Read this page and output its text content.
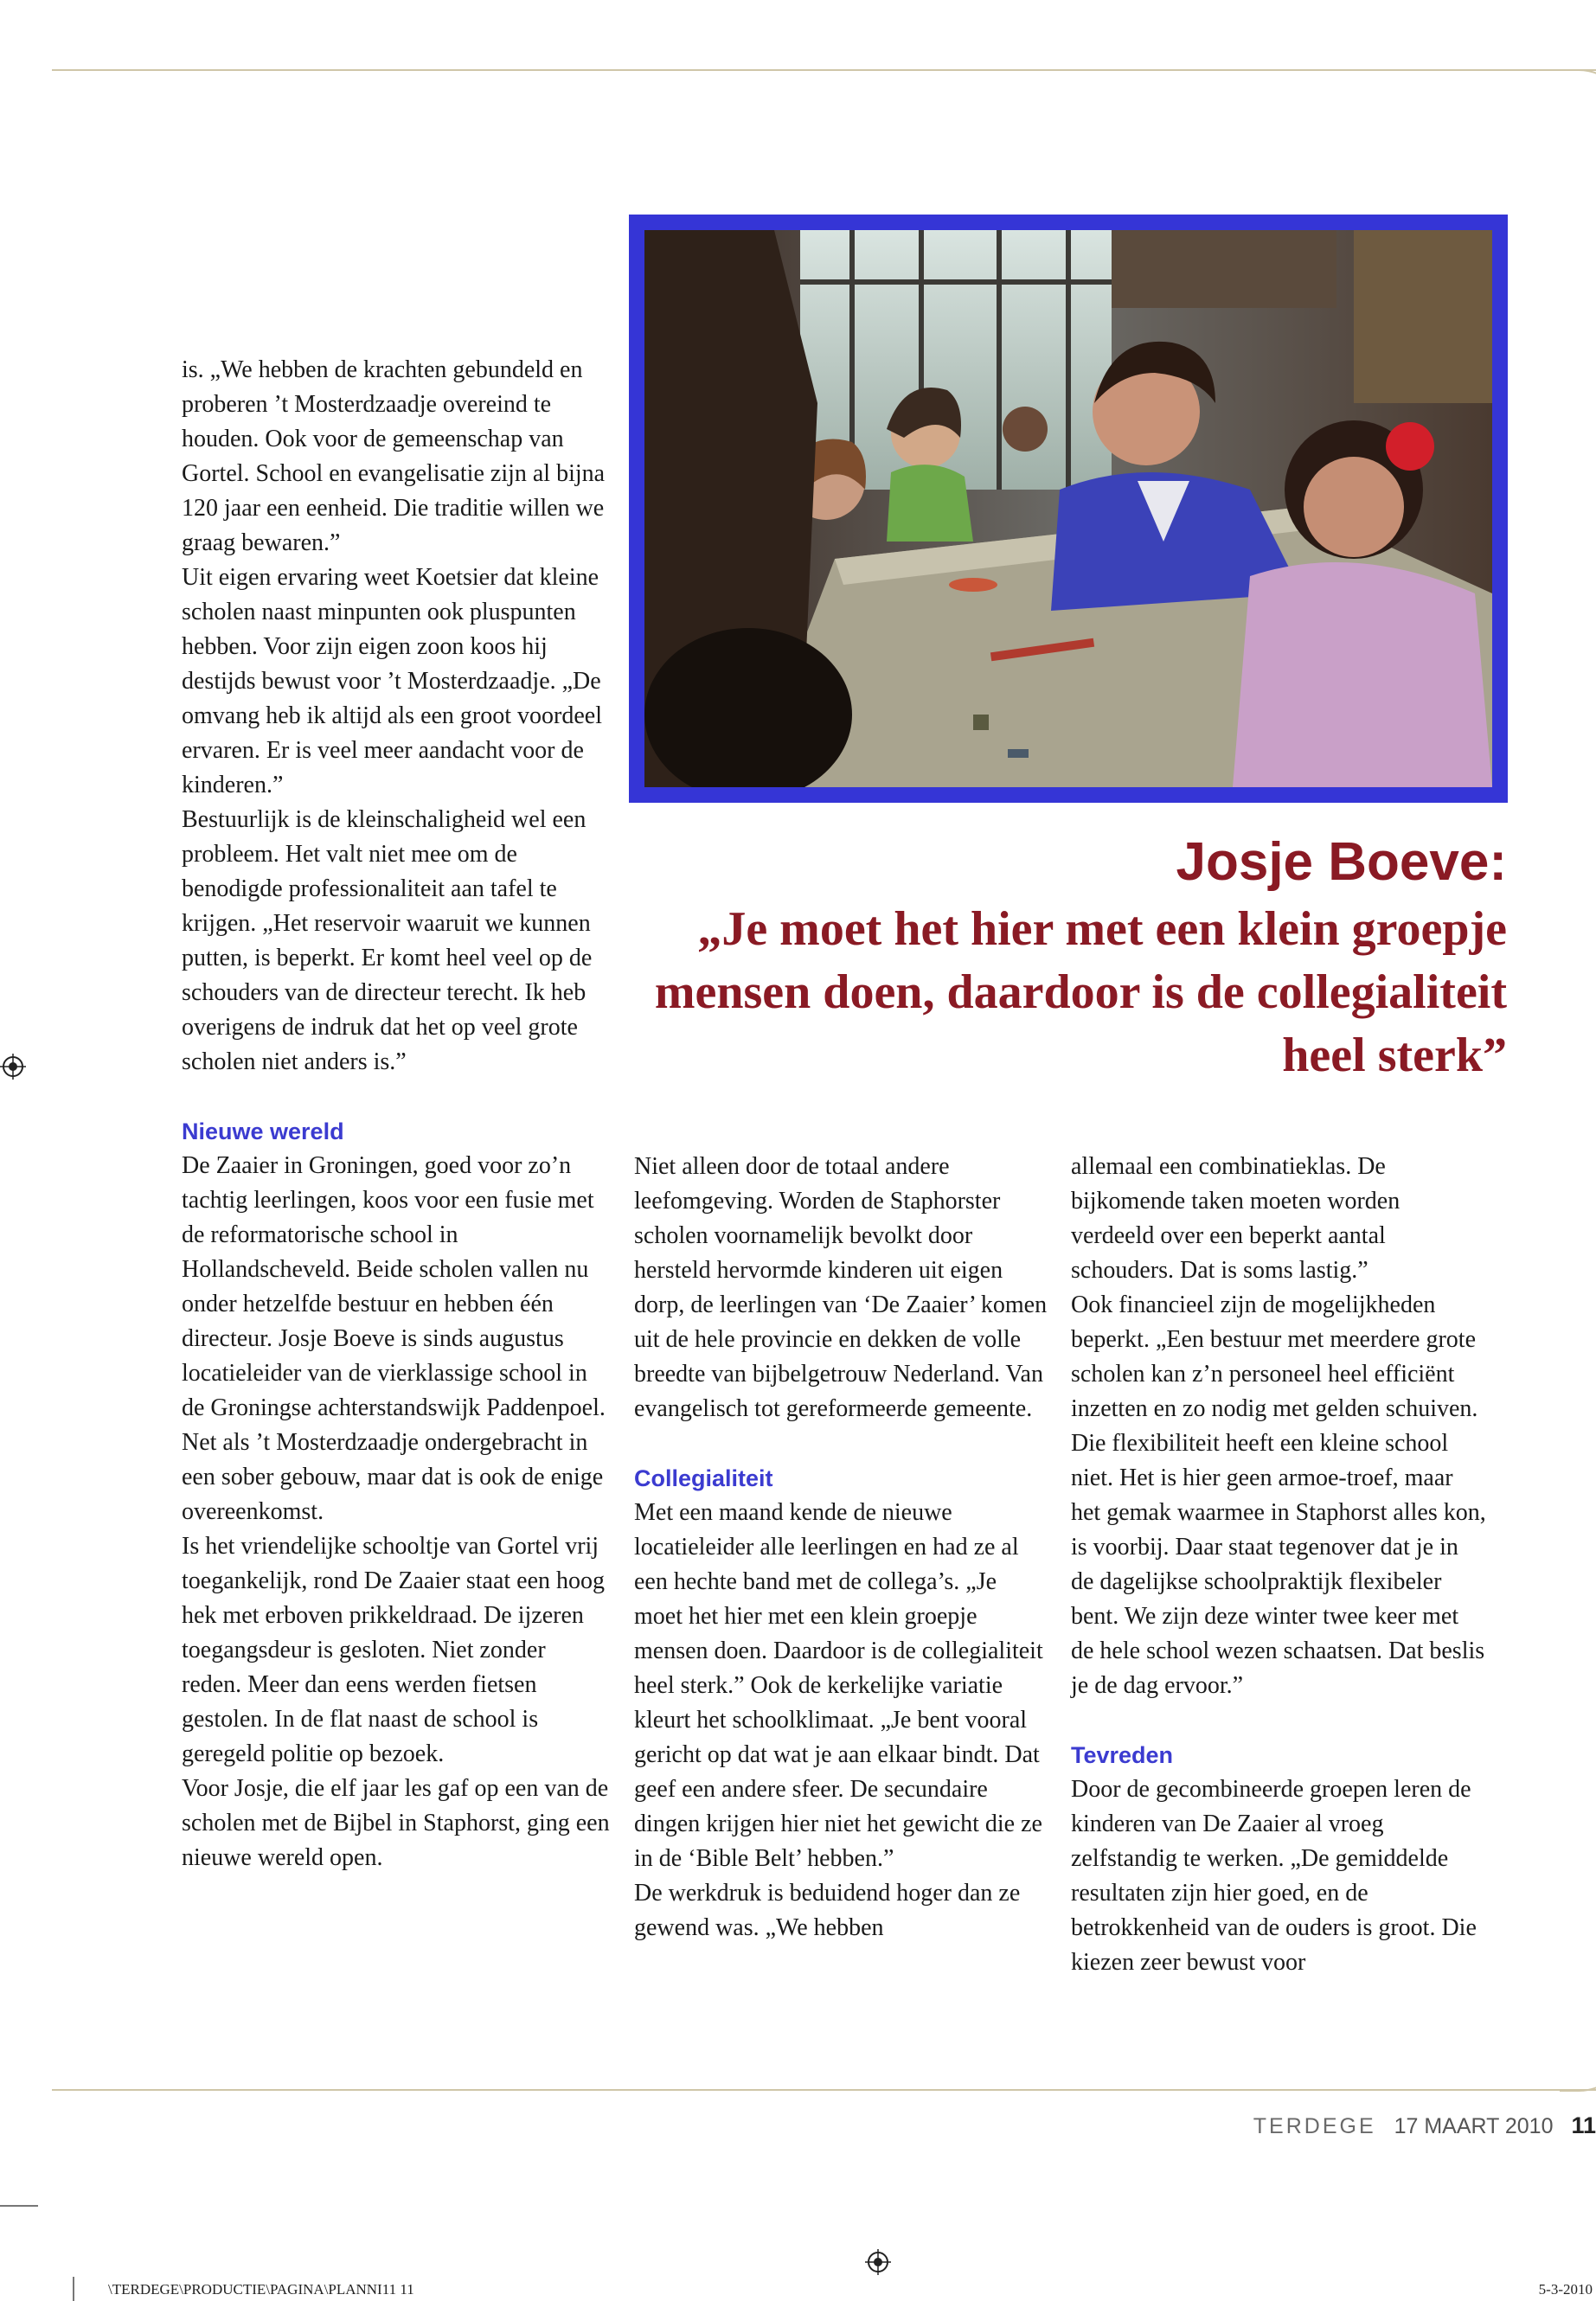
is. „We hebben de krachten gebundeld en proberen ’t Mosterdzaadje overeind te houden. Ook voor de gemeenschap van Gortel. School en evangelisatie zijn al bijna 120 jaar een eenheid. Die traditie willen we graag bewaren.”

Uit eigen ervaring weet Koetsier dat kleine scholen naast minpunten ook pluspunten hebben. Voor zijn eigen zoon koos hij destijds bewust voor ’t Mosterdzaadje. „De omvang heb ik altijd als een groot voordeel ervaren. Er is veel meer aandacht voor de kinderen.”

Bestuurlijk is de kleinschaligheid wel een probleem. Het valt niet mee om de benodigde professionaliteit aan tafel te krijgen. „Het reservoir waaruit we kunnen putten, is beperkt. Er komt heel veel op de schouders van de directeur terecht. Ik heb overigens de indruk dat het op veel grote scholen niet anders is.”

Nieuwe wereld

De Zaaier in Groningen, goed voor zo’n tachtig leerlingen, koos voor een fusie met de reformatorische school in Hollandscheveld. Beide scholen vallen nu onder hetzelfde bestuur en hebben één directeur. Josje Boeve is sinds augustus locatieleider van de vierklassige school in de Groningse achterstandswijk Paddenpoel. Net als ’t Mosterdzaadje ondergebracht in een sober gebouw, maar dat is ook de enige overeenkomst.

Is het vriendelijke schooltje van Gortel vrij toegankelijk, rond De Zaaier staat een hoog hek met erboven prikkeldraad. De ijzeren toegangsdeur is gesloten. Niet zonder reden. Meer dan eens werden fietsen gestolen. In de flat naast de school is geregeld politie op bezoek.

Voor Josje, die elf jaar les gaf op een van de scholen met de Bijbel in Staphorst, ging een nieuwe wereld open.

Josje Boeve:
„Je moet het hier met een klein groepje mensen doen, daardoor is de collegialiteit heel sterk”

Niet alleen door de totaal andere leefomgeving. Worden de Staphorster scholen voornamelijk bevolkt door hersteld hervormde kinderen uit eigen dorp, de leerlingen van ‘De Zaaier’ komen uit de hele provincie en dekken de volle breedte van bijbelgetrouw Nederland. Van evangelisch tot gereformeerde gemeente.

Collegialiteit

Met een maand kende de nieuwe locatieleider alle leerlingen en had ze al een hechte band met de collega’s. „Je moet het hier met een klein groepje mensen doen. Daardoor is de collegialiteit heel sterk.” Ook de kerkelijke variatie kleurt het schoolklimaat. „Je bent vooral gericht op dat wat je aan elkaar bindt. Dat geef een andere sfeer. De secundaire dingen krijgen hier niet het gewicht die ze in de ‘Bible Belt’ hebben.”

De werkdruk is beduidend hoger dan ze gewend was. „We hebben

allemaal een combinatieklas. De bijkomende taken moeten worden verdeeld over een beperkt aantal schouders. Dat is soms lastig.”

Ook financieel zijn de mogelijkheden beperkt. „Een bestuur met meerdere grote scholen kan z’n personeel heel efficiënt inzetten en zo nodig met gelden schuiven. Die flexibiliteit heeft een kleine school niet. Het is hier geen armoe-troef, maar het gemak waarmee in Staphorst alles kon, is voorbij. Daar staat tegenover dat je in de dagelijkse schoolpraktijk flexibeler bent. We zijn deze winter twee keer met de hele school wezen schaatsen. Dat beslis je de dag ervoor.”

Tevreden

Door de gecombineerde groepen leren de kinderen van De Zaaier al vroeg zelfstandig te werken. „De gemiddelde resultaten zijn hier goed, en de betrokkenheid van de ouders is groot. Die kiezen zeer bewust voor

TERDEGE 17 MAART 2010 11
\TERDEGE\PRODUCTIE\PAGINA\PLANNI11 11	5-3-2010
